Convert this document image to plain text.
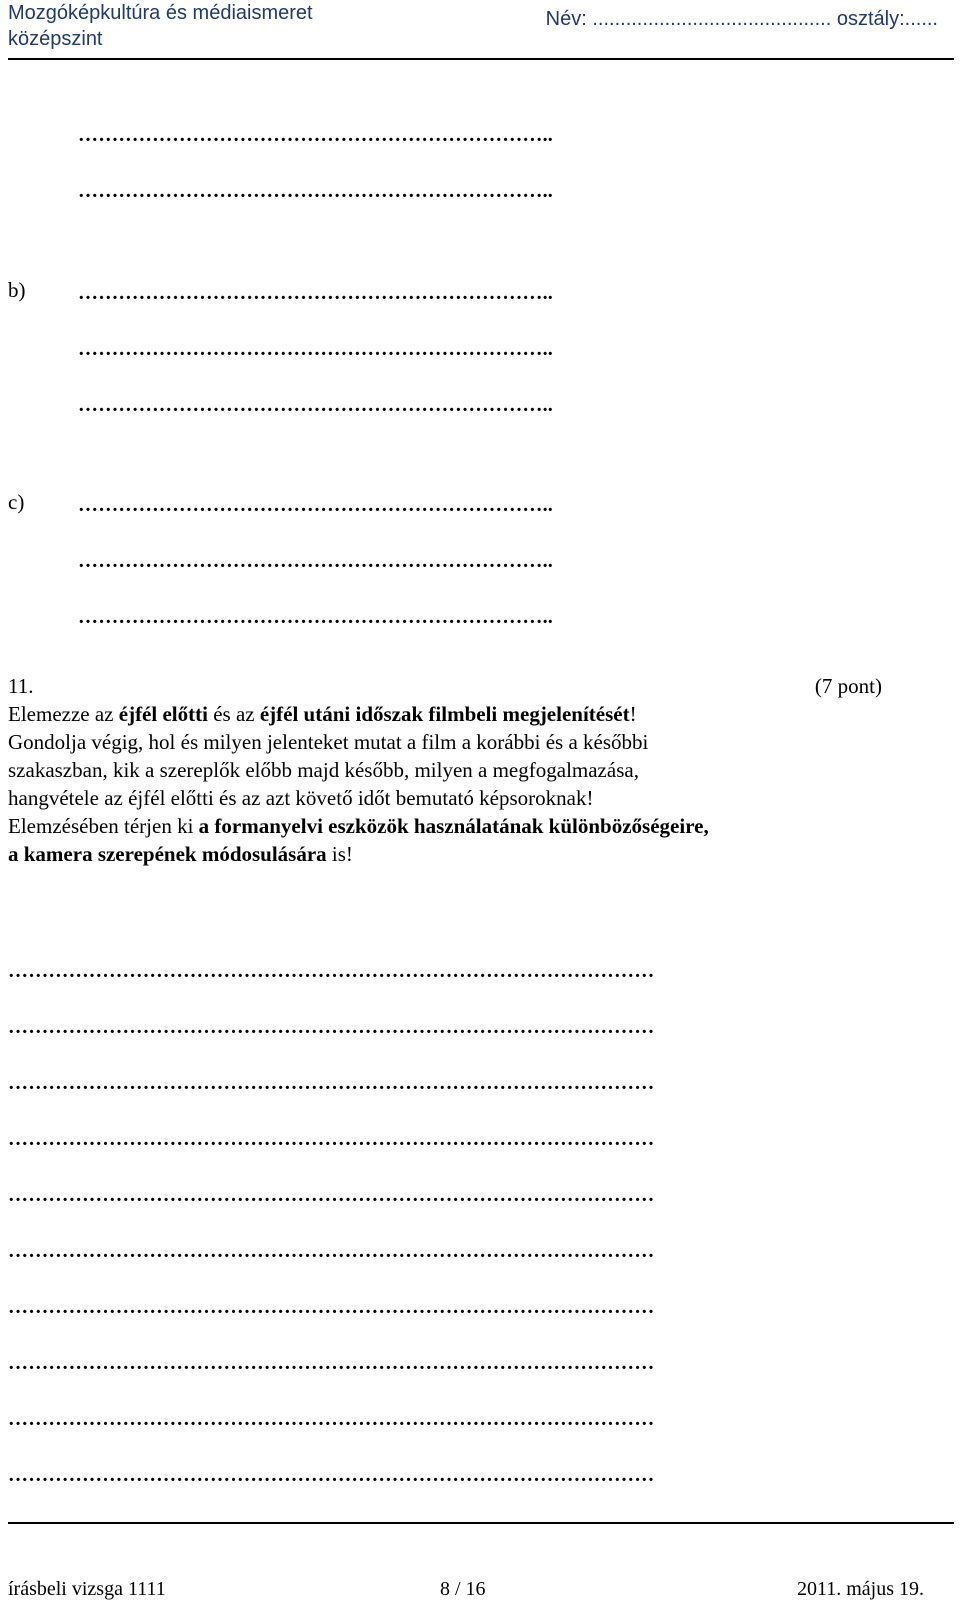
Mozgóképkultúra és médiaismeret
középszint
Név: ........................................... osztály:......
……………………………………………………………..
……………………………………………………………..
b)	……………………………………………………………..
……………………………………………………………..
……………………………………………………………..
c)	……………………………………………………………..
……………………………………………………………..
……………………………………………………………..
11.	(7 pont)
Elemezze az éjfél előtti és az éjfél utáni időszak filmbeli megjelenítését!
Gondolja végig, hol és milyen jelenteket mutat a film a korábbi és a későbbi
szakaszban, kik a szereplők előbb majd később, milyen a megfogalmazása,
hangvétele az éjfél előtti és az azt követő időt bemutató képsoroknak!
Elemzésében térjen ki a formanyelvi eszközök használatának különbözőségeire,
a kamera szerepének módosulására is!
……………………………………………………………………………………
……………………………………………………………………………………
……………………………………………………………………………………
……………………………………………………………………………………
……………………………………………………………………………………
……………………………………………………………………………………
……………………………………………………………………………………
……………………………………………………………………………………
……………………………………………………………………………………
……………………………………………………………………………………
írásbeli vizsga 1111	8 / 16	2011. május 19.
